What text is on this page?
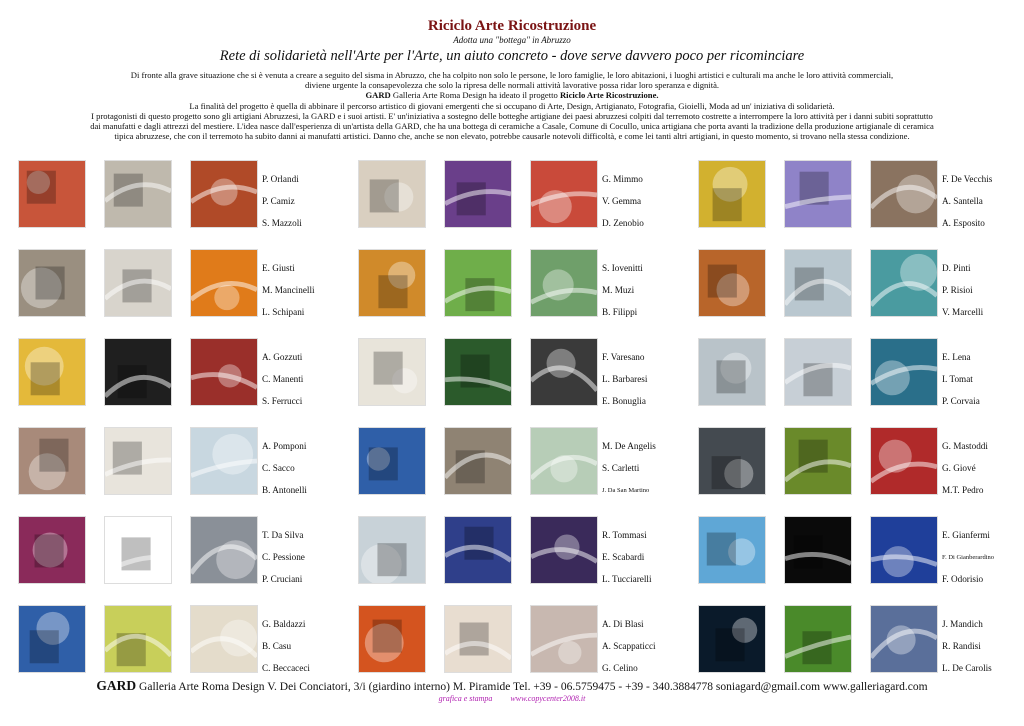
Riciclo Arte Ricostruzione
Adotta una "bottega" in Abruzzo
Rete di solidarietà nell'Arte per l'Arte, un aiuto concreto - dove serve davvero poco per ricominciare
Di fronte alla grave situazione che si è venuta a creare a seguito del sisma in Abruzzo, che ha colpito non solo le persone, le loro famiglie, le loro abitazioni, i luoghi artistici e culturali ma anche le loro attività commerciali,
diviene urgente la consapevolezza che solo la ripresa delle normali attività lavorative possa ridar loro speranza e dignità.
GARD Galleria Arte Roma Design ha ideato il progetto Riciclo Arte Ricostruzione.
La finalità del progetto è quella di abbinare il percorso artistico di giovani emergenti che si occupano di Arte, Design, Artigianato, Fotografia, Gioielli, Moda ad un' iniziativa di solidarietà.
I protagonisti di questo progetto sono gli artigiani Abruzzesi, la GARD e i suoi artisti. E' un'iniziativa a sostegno delle botteghe artigiane dei paesi abruzzesi colpiti dal terremoto costrette a interrompere la loro attività per i danni subiti soprattutto
dai manufatti e dagli attrezzi del mestiere. L'idea nasce dall'esperienza di un'artista della GARD, che ha una bottega di ceramiche a Casale, Comune di Cocullo, unica artigiana che porta avanti la tradizione della produzione artigianale di ceramica
tipica abruzzese, che con il terremoto ha subito danni ai manufatti artistici. Danno che, anche se non elevato, potrebbe causarle notevoli difficoltà, e come lei tanti altri artigiani, in questo momento, si trovano nella stessa condizione.
P. Orlandi
P. Camiz
S. Mazzoli
G. Mimmo
V. Gemma
D. Zenobio
F. De Vecchis
A. Santella
A. Esposito
E. Giusti
M. Mancinelli
L. Schipani
S. Iovenitti
M. Muzi
B. Filippi
D. Pinti
P. Risioi
V. Marcelli
A. Gozzuti
C. Manenti
S. Ferrucci
F. Varesano
L. Barbaresi
E. Bonuglia
E. Lena
I. Tomat
P. Corvaia
A. Pomponi
C. Sacco
B. Antonelli
M. De Angelis
S. Carletti
J. Da San Martino
G. Mastoddi
G. Giové
M.T. Pedro
T. Da Silva
C. Pessione
P. Cruciani
R. Tommasi
E. Scabardi
L. Tucciarelli
E. Gianfermi
F. Di Gianberardino
F. Odorisio
G. Baldazzi
B. Casu
C. Beccaceci
A. Di Blasi
A. Scappaticci
G. Celino
J. Mandich
R. Randisi
L. De Carolis
GARD Galleria Arte Roma Design V. Dei Conciatori, 3/i (giardino interno) M. Piramide Tel. +39 - 06.5759475 - +39 - 340.3884778 soniagard@gmail.com www.galleriagard.com
grafica e stampa www.copycenter2008.it
